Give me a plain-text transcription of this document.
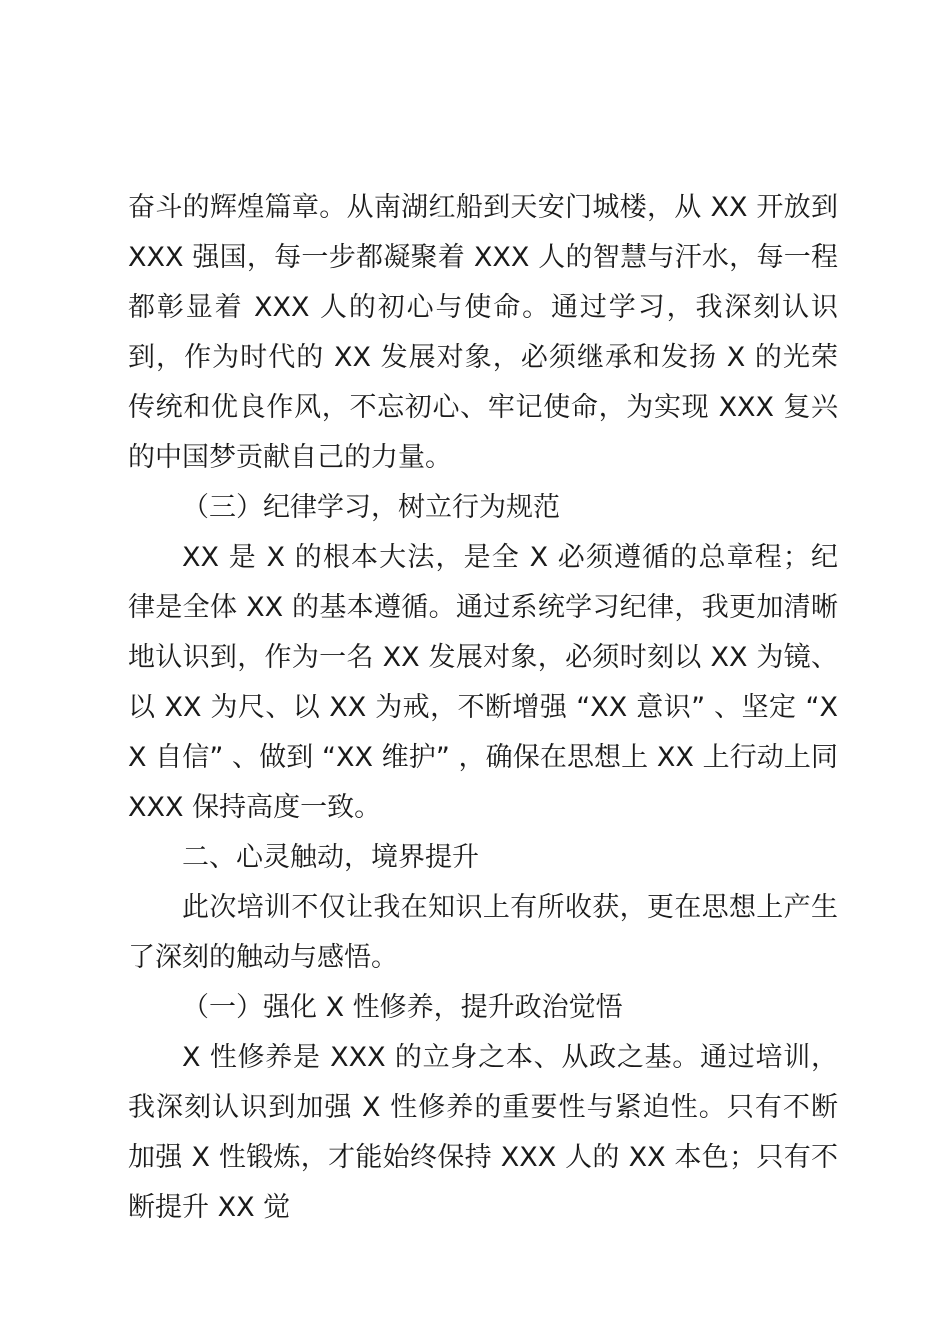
奋斗的辉煌篇章。从南湖红船到天安门城楼，从 XX 开放到 XXX 强国，每一步都凝聚着 XXX 人的智慧与汗水，每一程都彰显着 XXX 人的初心与使命。通过学习，我深刻认识到，作为时代的 XX 发展对象，必须继承和发扬 X 的光荣传统和优良作风，不忘初心、牢记使命，为实现 XXX 复兴的中国梦贡献自己的力量。

（三）纪律学习，树立行为规范

XX 是 X 的根本大法，是全 X 必须遵循的总章程；纪律是全体 XX 的基本遵循。通过系统学习纪律，我更加清晰地认识到，作为一名 XX 发展对象，必须时刻以 XX 为镜、以 XX 为尺、以 XX 为戒，不断增强 “XX 意识” 、坚定 “XX 自信” 、做到 “XX 维护” ，确保在思想上 XX 上行动上同 XXX 保持高度一致。

二、心灵触动，境界提升

此次培训不仅让我在知识上有所收获，更在思想上产生了深刻的触动与感悟。

（一）强化 X 性修养，提升政治觉悟

X 性修养是 XXX 的立身之本、从政之基。通过培训，我深刻认识到加强 X 性修养的重要性与紧迫性。只有不断加强 X 性锻炼，才能始终保持 XXX 人的 XX 本色；只有不断提升 XX 觉
